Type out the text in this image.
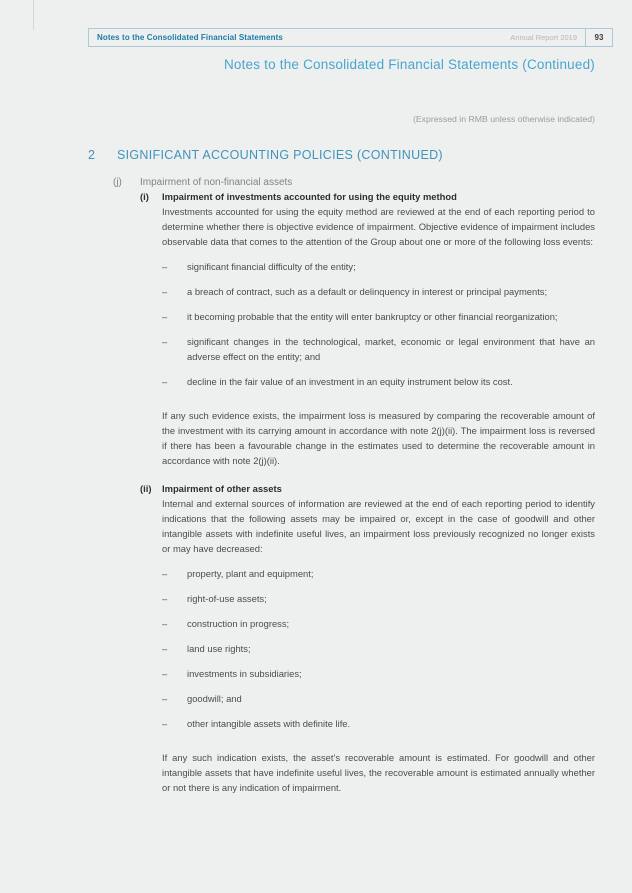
Notes to the Consolidated Financial Statements	Annual Report 2019	93
Notes to the Consolidated Financial Statements (Continued)
(Expressed in RMB unless otherwise indicated)
2	SIGNIFICANT ACCOUNTING POLICIES (CONTINUED)
(j)	Impairment of non-financial assets
(i)	Impairment of investments accounted for using the equity method

Investments accounted for using the equity method are reviewed at the end of each reporting period to determine whether there is objective evidence of impairment. Objective evidence of impairment includes observable data that comes to the attention of the Group about one or more of the following loss events:

–	significant financial difficulty of the entity;
–	a breach of contract, such as a default or delinquency in interest or principal payments;
–	it becoming probable that the entity will enter bankruptcy or other financial reorganization;
–	significant changes in the technological, market, economic or legal environment that have an adverse effect on the entity; and
–	decline in the fair value of an investment in an equity instrument below its cost.

If any such evidence exists, the impairment loss is measured by comparing the recoverable amount of the investment with its carrying amount in accordance with note 2(j)(ii). The impairment loss is reversed if there has been a favourable change in the estimates used to determine the recoverable amount in accordance with note 2(j)(ii).

(ii)	Impairment of other assets

Internal and external sources of information are reviewed at the end of each reporting period to identify indications that the following assets may be impaired or, except in the case of goodwill and other intangible assets with indefinite useful lives, an impairment loss previously recognized no longer exists or may have decreased:

–	property, plant and equipment;
–	right-of-use assets;
–	construction in progress;
–	land use rights;
–	investments in subsidiaries;
–	goodwill; and
–	other intangible assets with definite life.

If any such indication exists, the asset’s recoverable amount is estimated. For goodwill and other intangible assets that have indefinite useful lives, the recoverable amount is estimated annually whether or not there is any indication of impairment.
